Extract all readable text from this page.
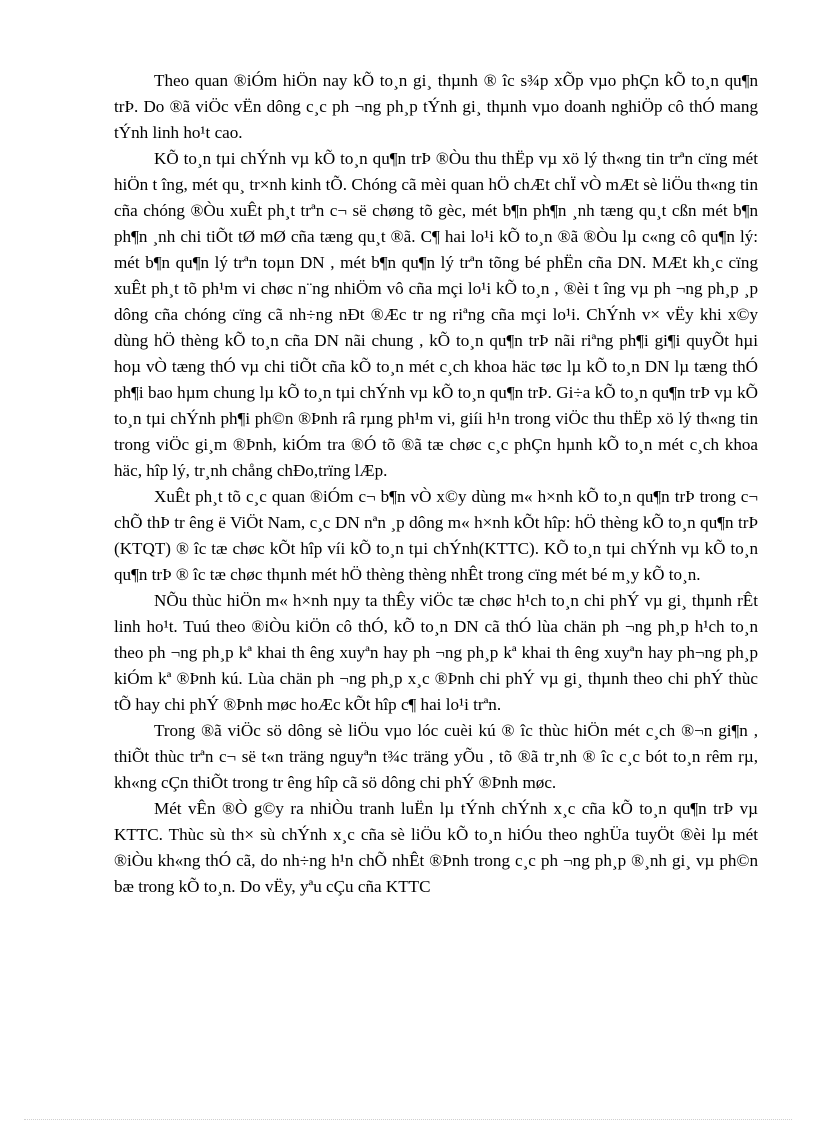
Theo quan ®iÓm hiÖn nay kÕ to¸n gi¸ thµnh ® îc s¾p xÕp vµo phÇn kÕ to¸n qu¶n trÞ. Do ®ã viÖc vËn dông c¸c ph ¬ng ph¸p tÝnh gi¸ thµnh vµo doanh nghiÖp cô thÓ mang tÝnh linh ho¹t cao.

KÕ to¸n tµi chÝnh vµ kÕ to¸n qu¶n trÞ ®Òu thu thËp vµ xö lý th«ng tin trªn cïng mét hiÖn t îng, mét qu¸ tr×nh kinh tÕ. Chóng cã mèi quan hÖ chÆt chÏ vÒ mÆt sè liÖu th«ng tin cña chóng ®Òu xuÊt ph¸t trªn c¬ së chøng tõ gèc, mét b¶n ph¶n ¸nh tæng qu¸t cßn mét b¶n ph¶n ¸nh chi tiÕt tØ mØ cña tæng qu¸t ®ã. C¶ hai lo¹i kÕ to¸n ®ã ®Òu lµ c«ng cô qu¶n lý: mét b¶n qu¶n lý trªn toµn DN , mét b¶n qu¶n lý trªn tõng bé phËn cña DN. MÆt kh¸c cïng xuÊt ph¸t tõ ph¹m vi chøc n¨ng nhiÖm vô cña mçi lo¹i kÕ to¸n , ®èi t îng vµ ph ¬ng ph¸p ¸p dông cña chóng cïng cã nh÷ng nÐt ®Æc tr ng riªng cña mçi lo¹i. ChÝnh v× vËy khi x©y dùng hÖ thèng kÕ to¸n cña DN nãi chung , kÕ to¸n qu¶n trÞ nãi riªng ph¶i gi¶i quyÕt hµi hoµ vÒ tæng thÓ vµ chi tiÕt cña kÕ to¸n mét c¸ch khoa häc tøc lµ kÕ to¸n DN lµ tæng thÓ ph¶i bao hµm chung lµ kÕ to¸n tµi chÝnh vµ kÕ to¸n qu¶n trÞ. Gi÷a kÕ to¸n qu¶n trÞ vµ kÕ to¸n tµi chÝnh ph¶i ph©n ®Þnh râ rµng ph¹m vi, giíi h¹n trong viÖc thu thËp xö lý th«ng tin trong viÖc gi¸m ®Þnh, kiÓm tra ®Ó tõ ®ã tæ chøc c¸c phÇn hµnh kÕ to¸n mét c¸ch khoa häc, hîp lý, tr¸nh chång chÐo,trïng lÆp.

XuÊt ph¸t tõ c¸c quan ®iÓm c¬ b¶n vÒ x©y dùng m« h×nh kÕ to¸n qu¶n trÞ trong c¬ chÕ thÞ tr êng ë ViÖt Nam, c¸c DN nªn ¸p dông m« h×nh kÕt hîp: hÖ thèng kÕ to¸n qu¶n trÞ (KTQT) ® îc tæ chøc kÕt hîp víi kÕ to¸n tµi chÝnh(KTTC). KÕ to¸n tµi chÝnh vµ kÕ to¸n qu¶n trÞ ® îc tæ chøc thµnh mét hÖ thèng thèng nhÊt trong cïng mét bé m¸y kÕ to¸n.

NÕu thùc hiÖn m« h×nh nµy ta thÊy viÖc tæ chøc h¹ch to¸n chi phÝ vµ gi¸ thµnh rÊt linh ho¹t. Tuú theo ®iÒu kiÖn cô thÓ, kÕ to¸n DN cã thÓ lùa chän ph ¬ng ph¸p h¹ch to¸n theo ph ¬ng ph¸p kª khai th êng xuyªn hay ph ¬ng ph¸p kª khai th êng xuyªn hay ph¬ng ph¸p kiÓm kª ®Þnh kú. Lùa chän ph ¬ng ph¸p x¸c ®Þnh chi phÝ vµ gi¸ thµnh theo chi phÝ thùc tÕ hay chi phÝ ®Þnh møc hoÆc kÕt hîp c¶ hai lo¹i trªn.

Trong ®ã viÖc sö dông sè liÖu vµo lóc cuèi kú ® îc thùc hiÖn mét c¸ch ®¬n gi¶n , thiÕt thùc trªn c¬ së t«n träng nguyªn t¾c träng yÕu , tõ ®ã tr¸nh ® îc c¸c bót to¸n rêm rµ, kh«ng cÇn thiÕt trong tr êng hîp cã sö dông chi phÝ ®Þnh møc.

Mét vÊn ®Ò g©y ra nhiÒu tranh luËn lµ tÝnh chÝnh x¸c cña kÕ to¸n qu¶n trÞ vµ KTTC. Thùc sù th× sù chÝnh x¸c cña sè liÖu kÕ to¸n hiÓu theo nghÜa tuyÖt ®èi lµ mét ®iÒu kh«ng thÓ cã, do nh÷ng h¹n chÕ nhÊt ®Þnh trong c¸c ph ¬ng ph¸p ®¸nh gi¸ vµ ph©n bæ trong kÕ to¸n. Do vËy, yªu cÇu cña KTTC
